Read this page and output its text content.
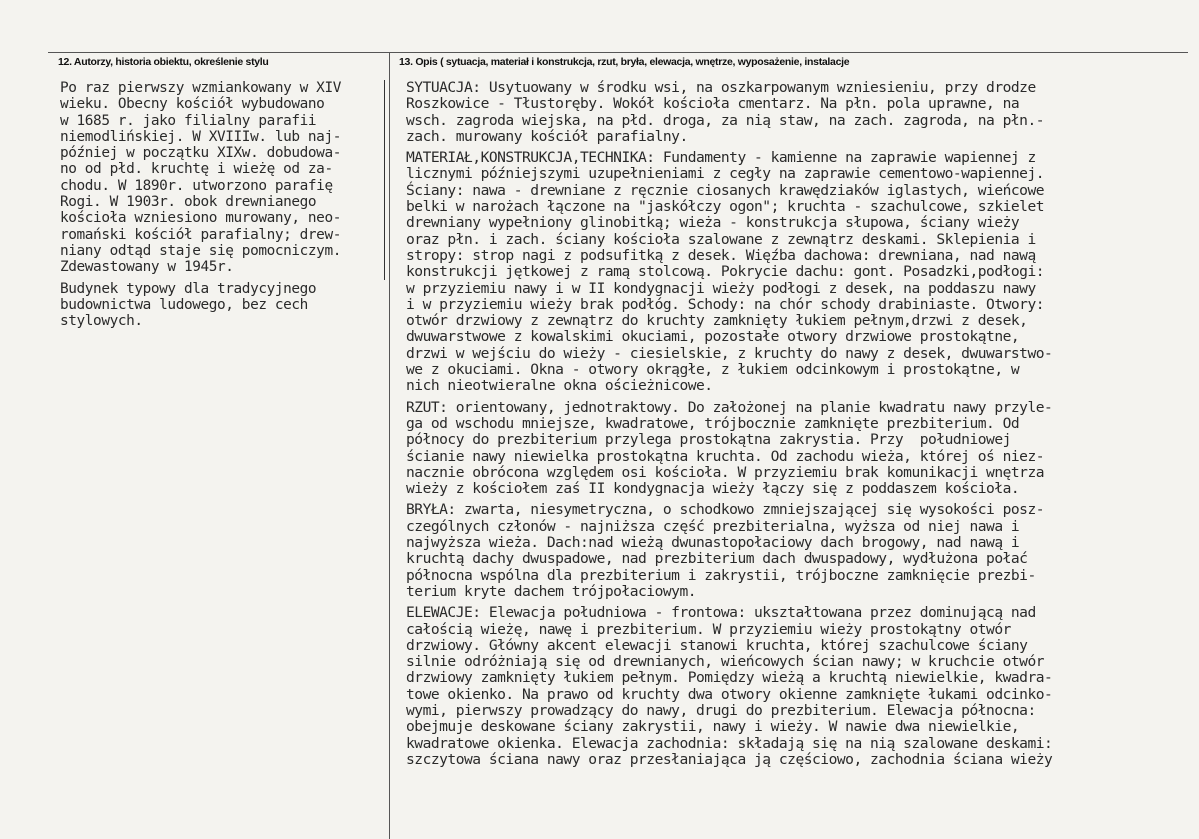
12. Autorzy, historia obiektu, określenie stylu	13. Opis ( sytuacja, materiał i konstrukcja, rzut, bryła, elewacja, wnętrze, wyposażenie, instalacje
Po raz pierwszy wzmiankowany w XIV
wieku. Obecny kościół wybudowano
w 1685 r. jako filialny parafii
niemodlińskiej. W XVIIIw. lub naj-
później w początku XIXw. dobudowa-
no od płd. kruchtę i wieżę od za-
chodu. W 1890r. utworzono parafię
Rogi. W 1903r. obok drewnianego
kościoła wzniesiono murowany, neo-
romański kościół parafialny; drew-
niany odtąd staje się pomocniczym.
Zdewastowany w 1945r.
Budynek typowy dla tradycyjnego
budownictwa ludowego, bez cech
stylowych.
SYTUACJA: Usytuowany w środku wsi, na oszkarpowanym wzniesieniu, przy drodze
Roszkowice - Tłustoręby. Wokół kościoła cmentarz. Na płn. pola uprawne, na
wsch. zagroda wiejska, na płd. droga, za nią staw, na zach. zagroda, na płn.-
zach. murowany kościół parafialny.
MATERIAŁ,KONSTRUKCJA,TECHNIKA: Fundamenty - kamienne na zaprawie wapiennej z
licznymi późniejszymi uzupełnieniami z cegły na zaprawie cementowo-wapiennej.
Ściany: nawa - drewniane z ręcznie ciosanych krawędziaków iglastych, wieńcowe
belki w narożach łączone na "jaskółczy ogon"; kruchta - szachulcowe, szkielet
drewniany wypełniony glinobitką; wieża - konstrukcja słupowa, ściany wieży
oraz płn. i zach. ściany kościoła szalowane z zewnątrz deskami. Sklepienia i
stropy: strop nagi z podsufitką z desek. Więźba dachowa: drewniana, nad nawą
konstrukcji jętkowej z ramą stolcową. Pokrycie dachu: gont. Posadzki,podłogi:
w przyziemiu nawy i w II kondygnacji wieży podłogi z desek, na poddaszu nawy
i w przyziemiu wieży brak podłóg. Schody: na chór schody drabiniaste. Otwory:
otwór drzwiowy z zewnątrz do kruchty zamknięty łukiem pełnym,drzwi z desek,
dwuwarstwowe z kowalskimi okuciami, pozostałe otwory drzwiowe prostokątne,
drzwi w wejściu do wieży - ciesielskie, z kruchty do nawy z desek, dwuwarstwo-
we z okuciami. Okna - otwory okrągłe, z łukiem odcinkowym i prostokątne, w
nich nieotwieralne okna ościeżnicowe.
RZUT: orientowany, jednotraktowy. Do założonej na planie kwadratu nawy przyle-
ga od wschodu mniejsze, kwadratowe, trójbocznie zamknięte prezbiterium. Od
północy do prezbiterium przylega prostokątna zakrystia. Przy  południowej
ścianie nawy niewielka prostokątna kruchta. Od zachodu wieża, której oś niez-
nacznie obrócona względem osi kościoła. W przyziemiu brak komunikacji wnętrza
wieży z kościołem zaś II kondygnacja wieży łączy się z poddaszem kościoła.
BRYŁA: zwarta, niesymetryczna, o schodkowo zmniejszającej się wysokości posz-
czególnych członów - najniższa część prezbiterialna, wyższa od niej nawa i
najwyższa wieża. Dach:nad wieżą dwunastopołaciowy dach brogowy, nad nawą i
kruchtą dachy dwuspadowe, nad prezbiterium dach dwuspadowy, wydłużona połać
północna wspólna dla prezbiterium i zakrystii, trójboczne zamknięcie prezbi-
terium kryte dachem trójpołaciowym.
ELEWACJE: Elewacja południowa - frontowa: ukształtowana przez dominującą nad
całością wieżę, nawę i prezbiterium. W przyziemiu wieży prostokątny otwór
drzwiowy. Główny akcent elewacji stanowi kruchta, której szachulcowe ściany
silnie odróżniają się od drewnianych, wieńcowych ścian nawy; w kruchcie otwór
drzwiowy zamknięty łukiem pełnym. Pomiędzy wieżą a kruchtą niewielkie, kwadra-
towe okienko. Na prawo od kruchty dwa otwory okienne zamknięte łukami odcinko-
wymi, pierwszy prowadzący do nawy, drugi do prezbiterium. Elewacja północna:
obejmuje deskowane ściany zakrystii, nawy i wieży. W nawie dwa niewielkie,
kwadratowe okienka. Elewacja zachodnia: składają się na nią szalowane deskami:
szczytowa ściana nawy oraz przesłaniająca ją częściowo, zachodnia ściana wieży
